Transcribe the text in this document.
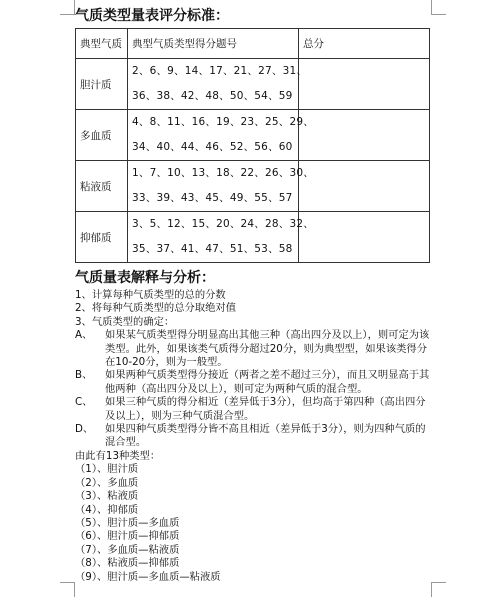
气质类型量表评分标准：
典型气质	典型气质类型得分题号	总分
胆汁质	2、6、9、14、17、21、27、31、
36、38、42、48、50、54、59	

多血质	4、8、11、16、19、23、25、29、
34、40、44、46、52、56、60	

粘液质	1、7、10、13、18、22、26、30、
33、39、43、45、49、55、57	

抑郁质	3、5、12、15、20、24、28、32、
35、37、41、47、51、53、58	

气质量表解释与分析：
1、计算每种气质类型的总的分数
2、将每种气质类型的总分取绝对值
3、气质类型的确定：
A、	如果某气质类型得分明显高出其他三种（高出四分及以上），则可定为该类型。此外，如果该类气质得分超过20分，则为典型型，如果该类得分在10-20分，则为一般型。
B、	如果两种气质类型得分接近（两者之差不超过三分），而且又明显高于其他两种（高出四分及以上），则可定为两种气质的混合型。
C、	如果三种气质的得分相近（差异低于3分），但均高于第四种（高出四分及以上），则为三种气质混合型。
D、	如果四种气质类型得分皆不高且相近（差异低于3分），则为四种气质的混合型。
由此有13种类型：
（1）、胆汁质
（2）、多血质
（3）、粘液质
（4）、抑郁质
（5）、胆汁质—多血质
（6）、胆汁质—抑郁质
（7）、多血质—粘液质
（8）、粘液质—抑郁质
（9）、胆汁质—多血质—粘液质
